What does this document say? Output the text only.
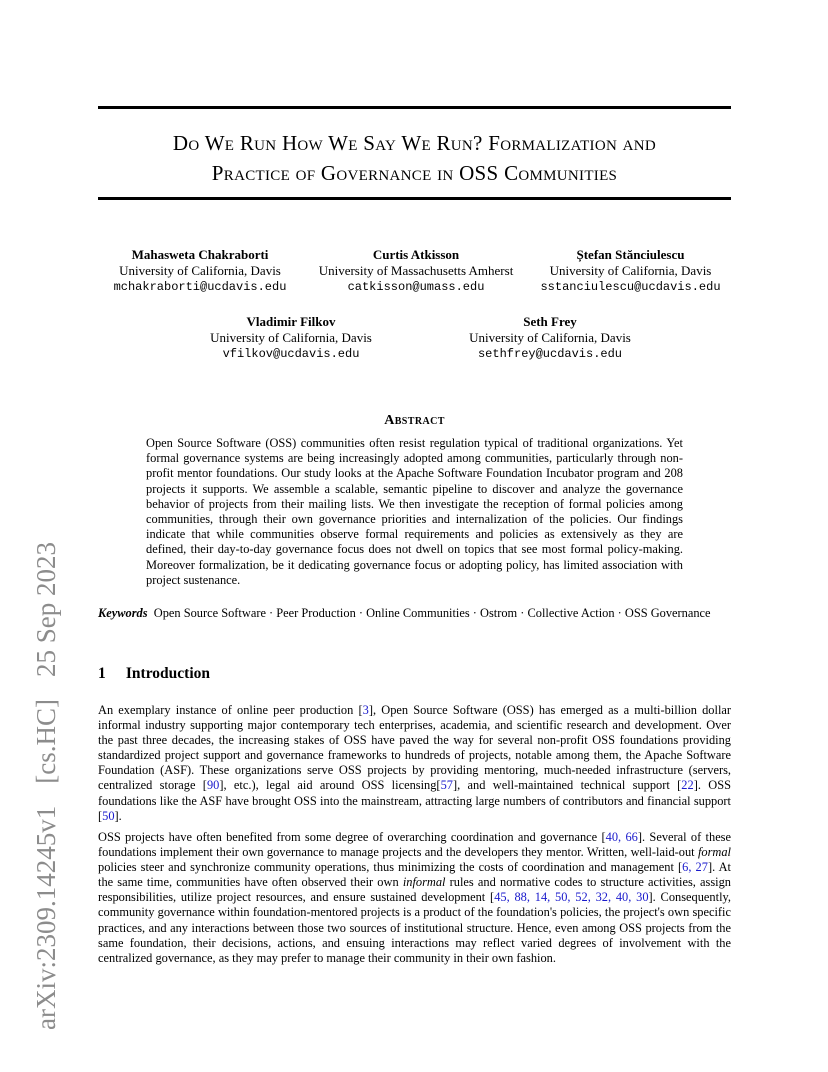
arXiv:2309.14245v1
[cs.HC]
25 Sep 2023
Do We Run How We Say We Run? Formalization and
Practice of Governance in OSS Communities
Mahasweta Chakraborti
University of California, Davis
mchakraborti@ucdavis.edu
Curtis Atkisson
University of Massachusetts Amherst
catkisson@umass.edu
Ștefan Stănciulescu
University of California, Davis
sstanciulescu@ucdavis.edu
Vladimir Filkov
University of California, Davis
vfilkov@ucdavis.edu
Seth Frey
University of California, Davis
sethfrey@ucdavis.edu
Abstract

Open Source Software (OSS) communities often resist regulation typical of traditional organizations. Yet formal governance systems are being increasingly adopted among communities, particularly through non-profit mentor foundations. Our study looks at the Apache Software Foundation Incubator program and 208 projects it supports. We assemble a scalable, semantic pipeline to discover and analyze the governance behavior of projects from their mailing lists. We then investigate the reception of formal policies among communities, through their own governance priorities and internalization of the policies. Our findings indicate that while communities observe formal requirements and policies as extensively as they are defined, their day-to-day governance focus does not dwell on topics that see most formal policy-making. Moreover formalization, be it dedicating governance focus or adopting policy, has limited association with project sustenance.

Keywords Open Source Software · Peer Production · Online Communities · Ostrom · Collective Action · OSS Governance

1 Introduction

An exemplary instance of online peer production [ 3 ] , Open Source Software (OSS) has emerged as a multi-billion dollar informal industry supporting major contemporary tech enterprises, academia, and scientific research and development. Over the past three decades, the increasing stakes of OSS have paved the way for several non-profit OSS foundations providing standardized project support and governance frameworks to hundreds of projects, notable among them, the Apache Software Foundation (ASF). These organizations serve OSS projects by providing mentoring, much-needed infrastructure (servers, centralized storage [ 90 ] , etc.), legal aid around OSS licensing[ 57 ] , and well-maintained technical support [ 22 ] . OSS foundations like the ASF have brought OSS into the mainstream, attracting large numbers of contributors and financial support [ 50 ] .

OSS projects have often benefited from some degree of overarching coordination and governance [ 40, 66 ] . Several of these foundations implement their own governance to manage projects and the developers they mentor. Written, well-laid-out formal policies steer and synchronize community operations, thus minimizing the costs of coordination and management [ 6, 27 ] . At the same time, communities have often observed their own informal rules and normative codes to structure activities, assign responsibilities, utilize project resources, and ensure sustained development [ 45, 88, 14, 50, 52, 32, 40, 30 ] . Consequently, community governance within foundation-mentored projects is a product of the foundation's policies, the project's own specific practices, and any interactions between those two sources of institutional structure. Hence, even among OSS projects from the same foundation, their decisions, actions, and ensuing interactions may reflect varied degrees of involvement with the centralized governance, as they may prefer to manage their community in their own fashion.
